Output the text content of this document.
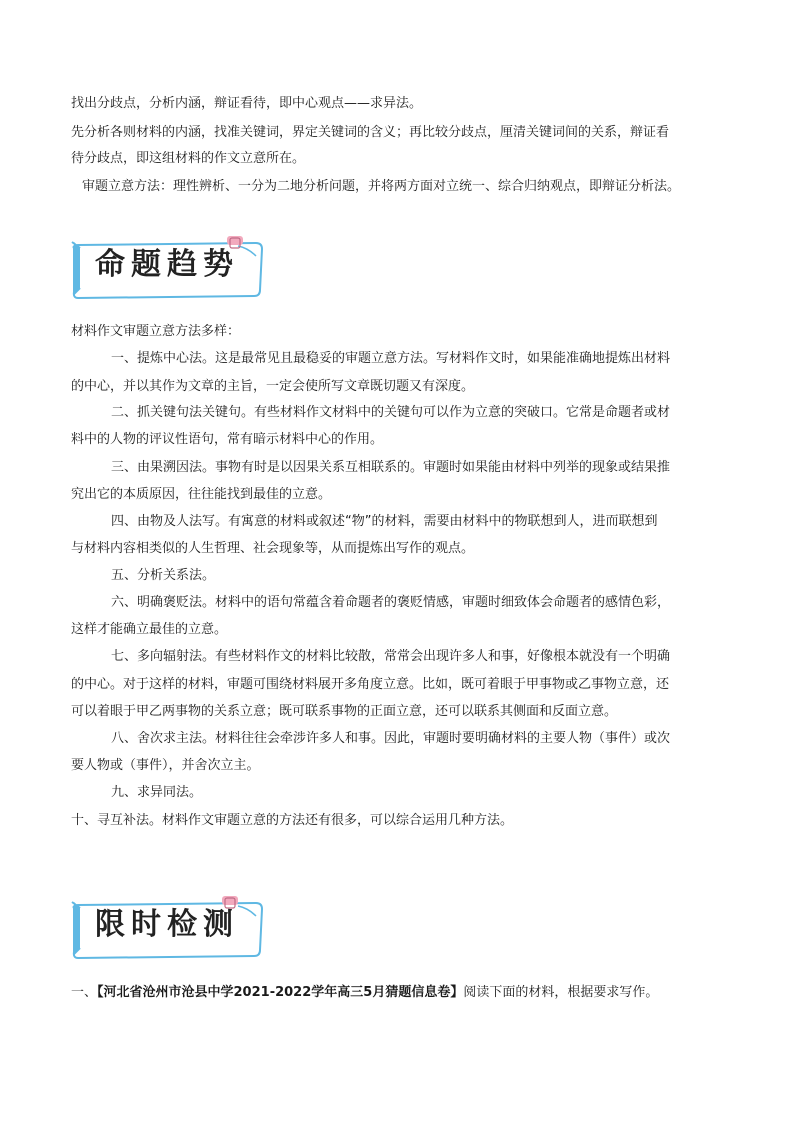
找出分歧点，分析内涵，辩证看待，即中心观点——求异法。

先分析各则材料的内涵，找准关键词，界定关键词的含义；再比较分歧点，厘清关键词间的关系，辩证看

待分歧点，即这组材料的作文立意所在。

审题立意方法：理性辨析、一分为二地分析问题，并将两方面对立统一、综合归纳观点，即辩证分析法。

命题趋势

材料作文审题立意方法多样：

一、提炼中心法。这是最常见且最稳妥的审题立意方法。写材料作文时，如果能准确地提炼出材料

的中心，并以其作为文章的主旨，一定会使所写文章既切题又有深度。

二、抓关键句法关键句。有些材料作文材料中的关键句可以作为立意的突破口。它常是命题者或材

料中的人物的评议性语句，常有暗示材料中心的作用。

三、由果溯因法。事物有时是以因果关系互相联系的。审题时如果能由材料中列举的现象或结果推

究出它的本质原因，往往能找到最佳的立意。

四、由物及人法写。有寓意的材料或叙述“物”的材料，需要由材料中的物联想到人，进而联想到

与材料内容相类似的人生哲理、社会现象等，从而提炼出写作的观点。

五、分析关系法。

六、明确褒贬法。材料中的语句常蕴含着命题者的褒贬情感，审题时细致体会命题者的感情色彩，

这样才能确立最佳的立意。

七、多向辐射法。有些材料作文的材料比较散，常常会出现许多人和事，好像根本就没有一个明确

的中心。对于这样的材料，审题可围绕材料展开多角度立意。比如，既可着眼于甲事物或乙事物立意，还

可以着眼于甲乙两事物的关系立意；既可联系事物的正面立意，还可以联系其侧面和反面立意。

八、舍次求主法。材料往往会牵涉许多人和事。因此，审题时要明确材料的主要人物（事件）或次

要人物或（事件），并舍次立主。

九、求异同法。

十、寻互补法。材料作文审题立意的方法还有很多，可以综合运用几种方法。

限时检测

一、【河北省沧州市沧县中学2021-2022学年高三5月猜题信息卷】阅读下面的材料，根据要求写作。
